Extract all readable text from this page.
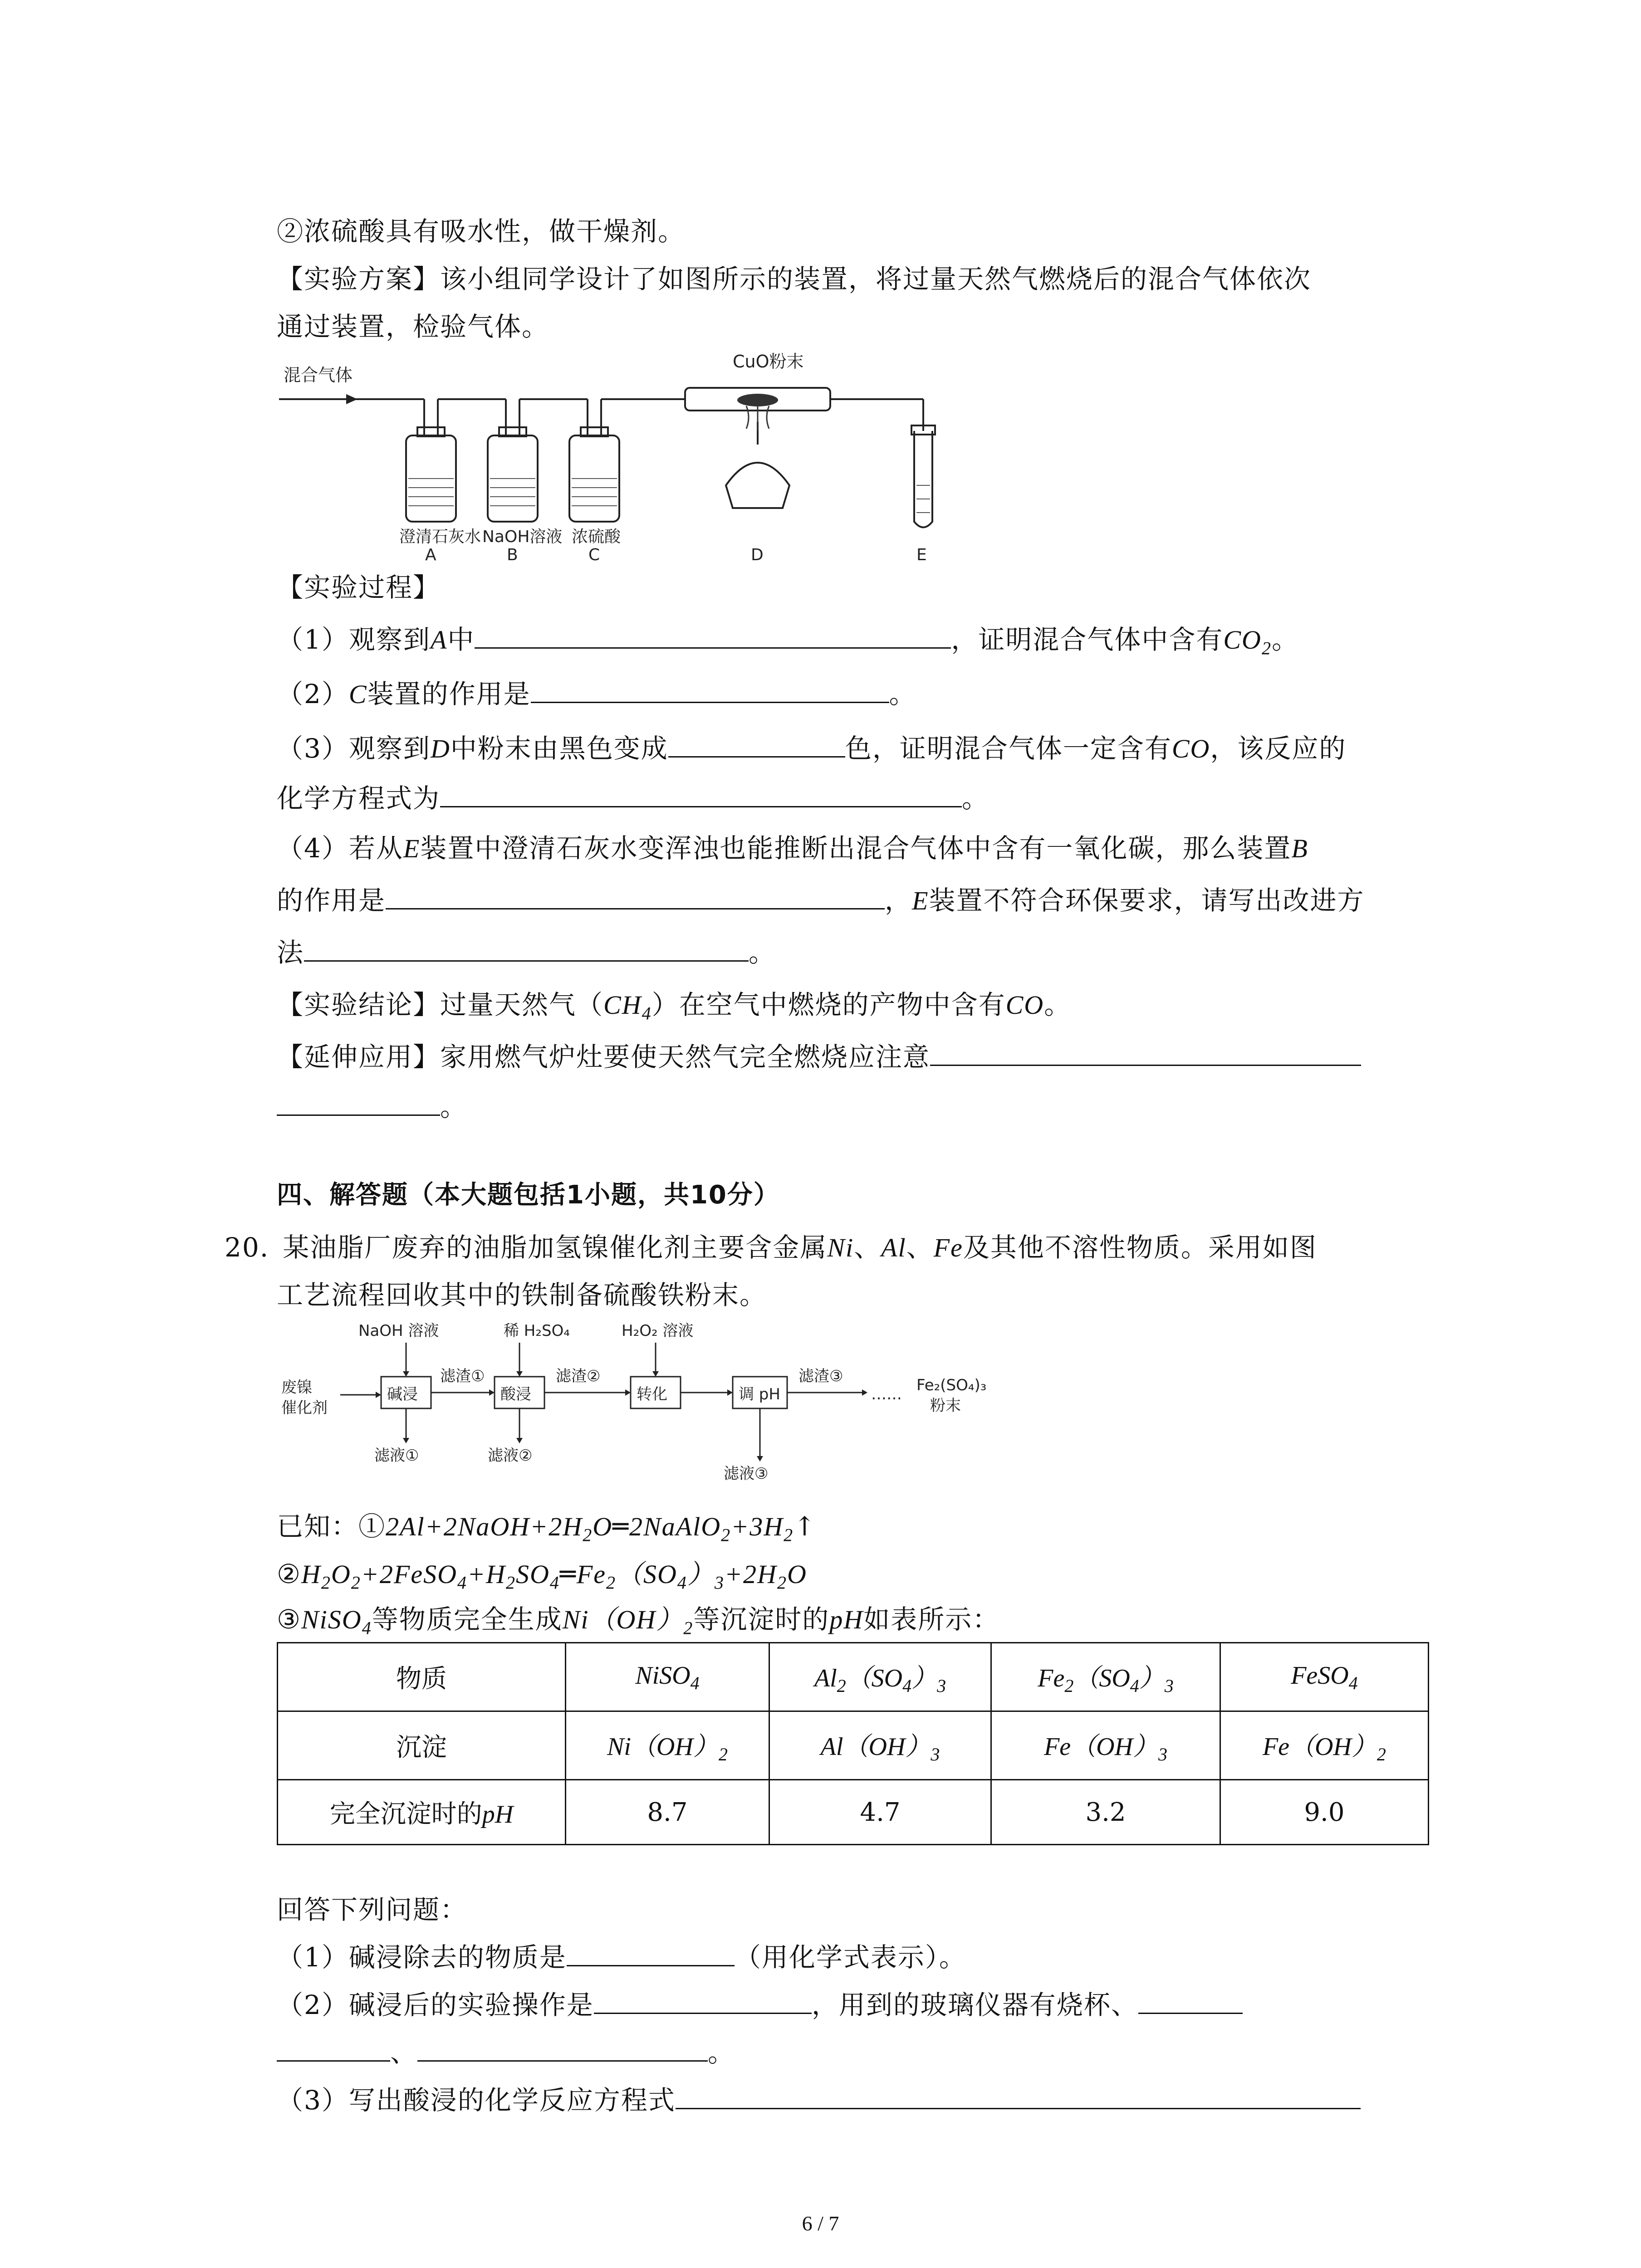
②浓硫酸具有吸水性，做干燥剂。
【实验方案】该小组同学设计了如图所示的装置，将过量天然气燃烧后的混合气体依次
通过装置，检验气体。
混合气体
CuO粉末
澄清石灰水 NaOH溶液 浓硫酸
A	B	C	D	E
【实验过程】
（1）观察到A中	，证明混合气体中含有$CO_2$。
（2）C装置的作用是	。
（3）观察到D中粉末由黑色变成	色，证明混合气体一定含有CO，该反应的
化学方程式为	。
（4）若从E装置中澄清石灰水变浑浊也能推断出混合气体中含有一氧化碳，那么装置B
的作用是	，E装置不符合环保要求，请写出改进方
法	。
【实验结论】过量天然气$(CH_4)$在空气中燃烧的产物中含有CO。
【延伸应用】家用燃气炉灶要使天然气完全燃烧应注意
。
四、解答题（本大题包括1小题，共10分）
20. 某油脂厂废弃的油脂加氢镍催化剂主要含金属Ni、Al、Fe及其他不溶性物质。采用如图
工艺流程回收其中的铁制备硫酸铁粉末。
废镍
催化剂
NaOH 溶液	稀 H₂SO₄	H₂O₂ 溶液
碱浸	酸浸	转化	调 pH
滤渣①	滤渣②	滤渣③
滤液①	滤液②
滤液③
…… Fe₂(SO₄)₃
粉末
已知：$①2Al+2NaOH+2H_2O═2NaAlO_2+3H_2↑$
$②H_2O_2+2FeSO_4+H_2SO_4═Fe_2(SO_4)_3+2H_2O$
③NiSO$_4$等物质完全生成$Ni(OH)_2$等沉淀时的pH如表所示：
物质	NiSO$_4$	$Al_2(SO_4)_3$	$Fe_2(SO_4)_3$	FeSO$_4$
沉淀	$Ni(OH)_2$	$Al(OH)_3$	$Fe(OH)_3$	$Fe(OH)_2$
完全沉淀时的pH	8.7	4.7	3.2	9.0
回答下列问题：
（1）碱浸除去的物质是	（用化学式表示）。
（2）碱浸后的实验操作是	，用到的玻璃仪器有烧杯、
、	。
（3）写出酸浸的化学反应方程式
6 / 7
